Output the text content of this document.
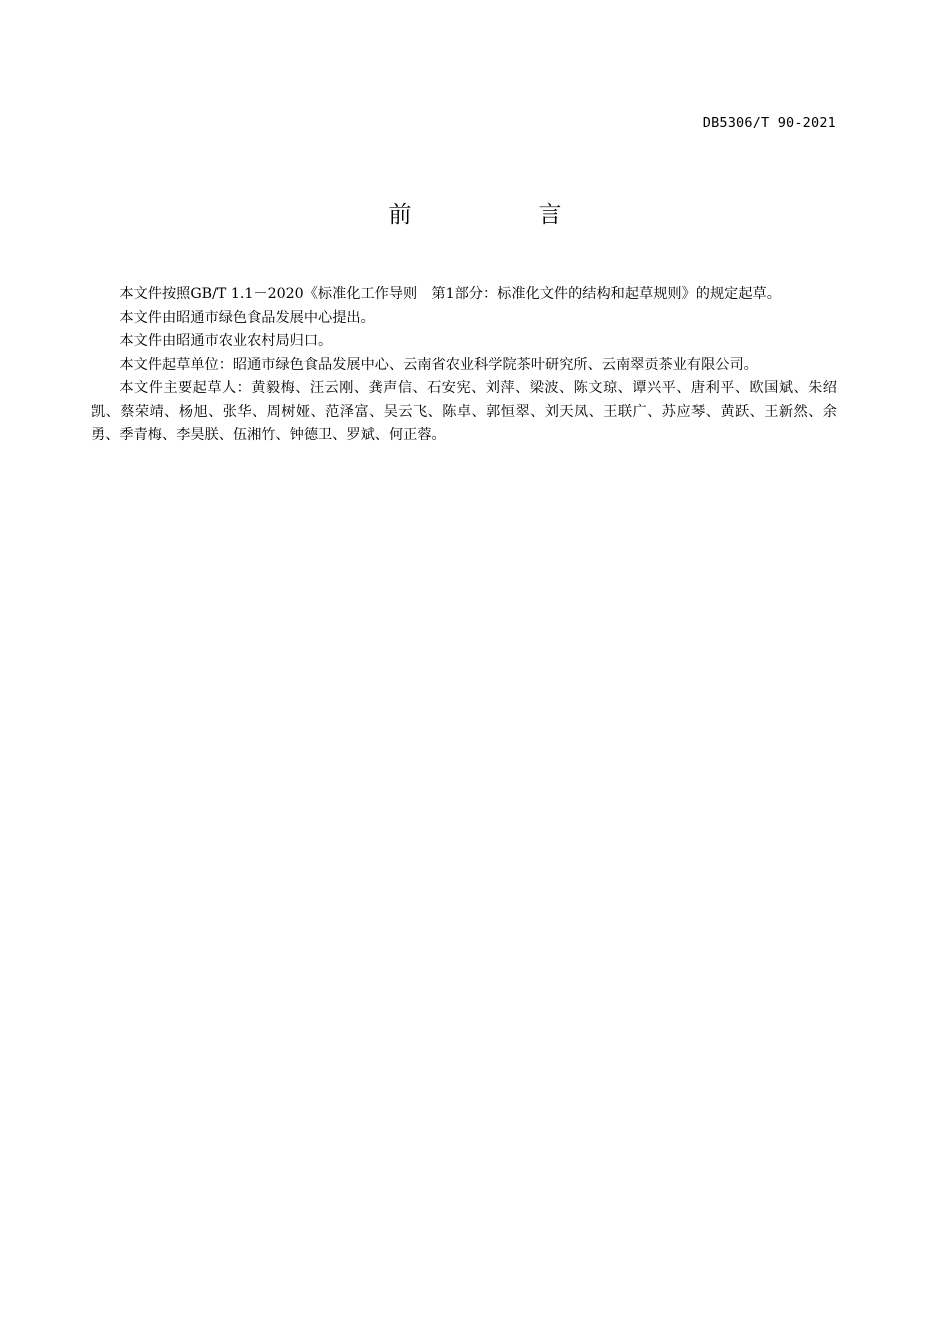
DB5306/T 90-2021
前　言

本文件按照GB/T 1.1－2020《标准化工作导则　第1部分：标准化文件的结构和起草规则》的规定起草。

本文件由昭通市绿色食品发展中心提出。

本文件由昭通市农业农村局归口。

本文件起草单位：昭通市绿色食品发展中心、云南省农业科学院茶叶研究所、云南翠贡茶业有限公司。

本文件主要起草人：黄毅梅、汪云刚、龚声信、石安宪、刘萍、梁波、陈文琼、谭兴平、唐利平、欧国斌、朱绍凯、蔡荣靖、杨旭、张华、周树娅、范泽富、吴云飞、陈卓、郭恒翠、刘天凤、王联广、苏应琴、黄跃、王新然、余勇、季青梅、李昊朕、伍湘竹、钟德卫、罗斌、何正蓉。
